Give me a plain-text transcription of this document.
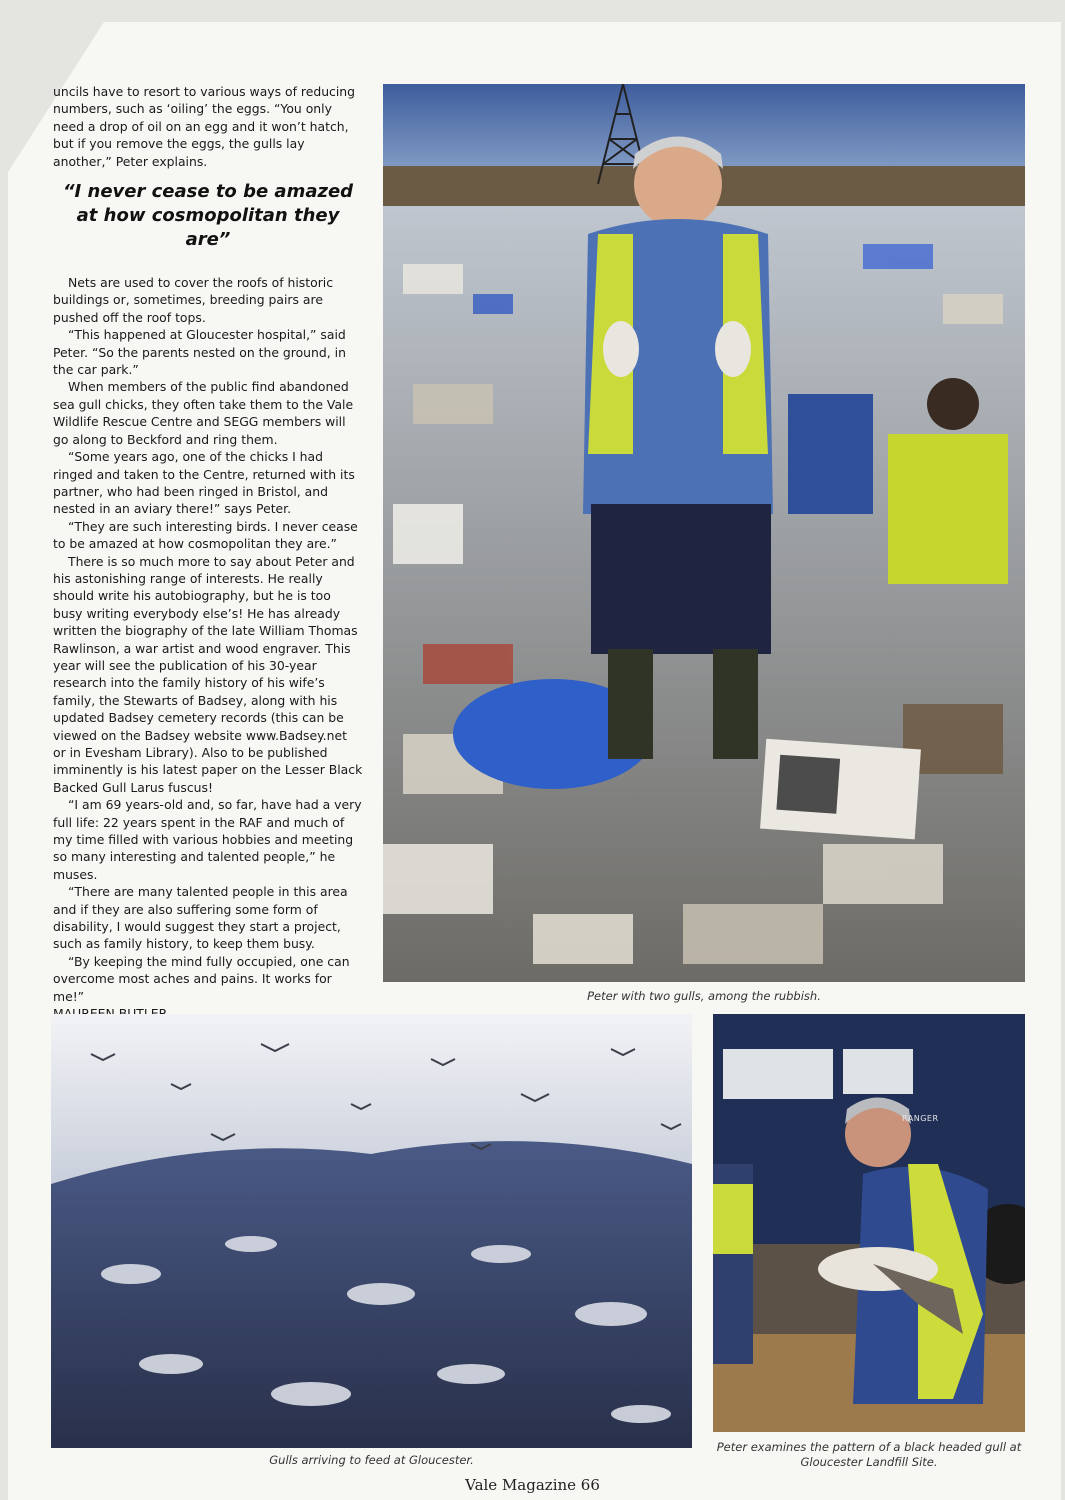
uncils have to resort to various ways of reducing numbers, such as ‘oiling’ the eggs. “You only need a drop of oil on an egg and it won’t hatch, but if you remove the eggs, the gulls lay another,” Peter explains.

“I never cease to be amazed at how cosmopolitan they are”

Nets are used to cover the roofs of historic buildings or, sometimes, breeding pairs are pushed off the roof tops.

“This happened at Gloucester hospital,” said Peter. “So the parents nested on the ground, in the car park.”

When members of the public find abandoned sea gull chicks, they often take them to the Vale Wildlife Rescue Centre and SEGG members will go along to Beckford and ring them.

“Some years ago, one of the chicks I had ringed and taken to the Centre, returned with its partner, who had been ringed in Bristol, and nested in an aviary there!” says Peter.

“They are such interesting birds. I never cease to be amazed at how cosmopolitan they are.”

There is so much more to say about Peter and his astonishing range of interests. He really should write his autobiography, but he is too busy writing everybody else’s! He has already written the biography of the late William Thomas Rawlinson, a war artist and wood engraver. This year will see the publication of his 30-year research into the family history of his wife’s family, the Stewarts of Badsey, along with his updated Badsey cemetery records (this can be viewed on the Badsey website www.Badsey.net or in Evesham Library). Also to be published imminently is his latest paper on the Lesser Black Backed Gull Larus fuscus!

“I am 69 years-old and, so far, have had a very full life: 22 years spent in the RAF and much of my time filled with various hobbies and meeting so many interesting and talented people,” he muses.

“There are many talented people in this area and if they are also suffering some form of disability, I would suggest they start a project, such as family history, to keep them busy.

“By keeping the mind fully occupied, one can overcome most aches and pains. It works for me!”	Peter with two gulls, among the rubbish.
Gulls arriving to feed at Gloucester.
RANGER
Peter examines the pattern of a black headed gull at Gloucester Landfill Site.
Vale Magazine 66
